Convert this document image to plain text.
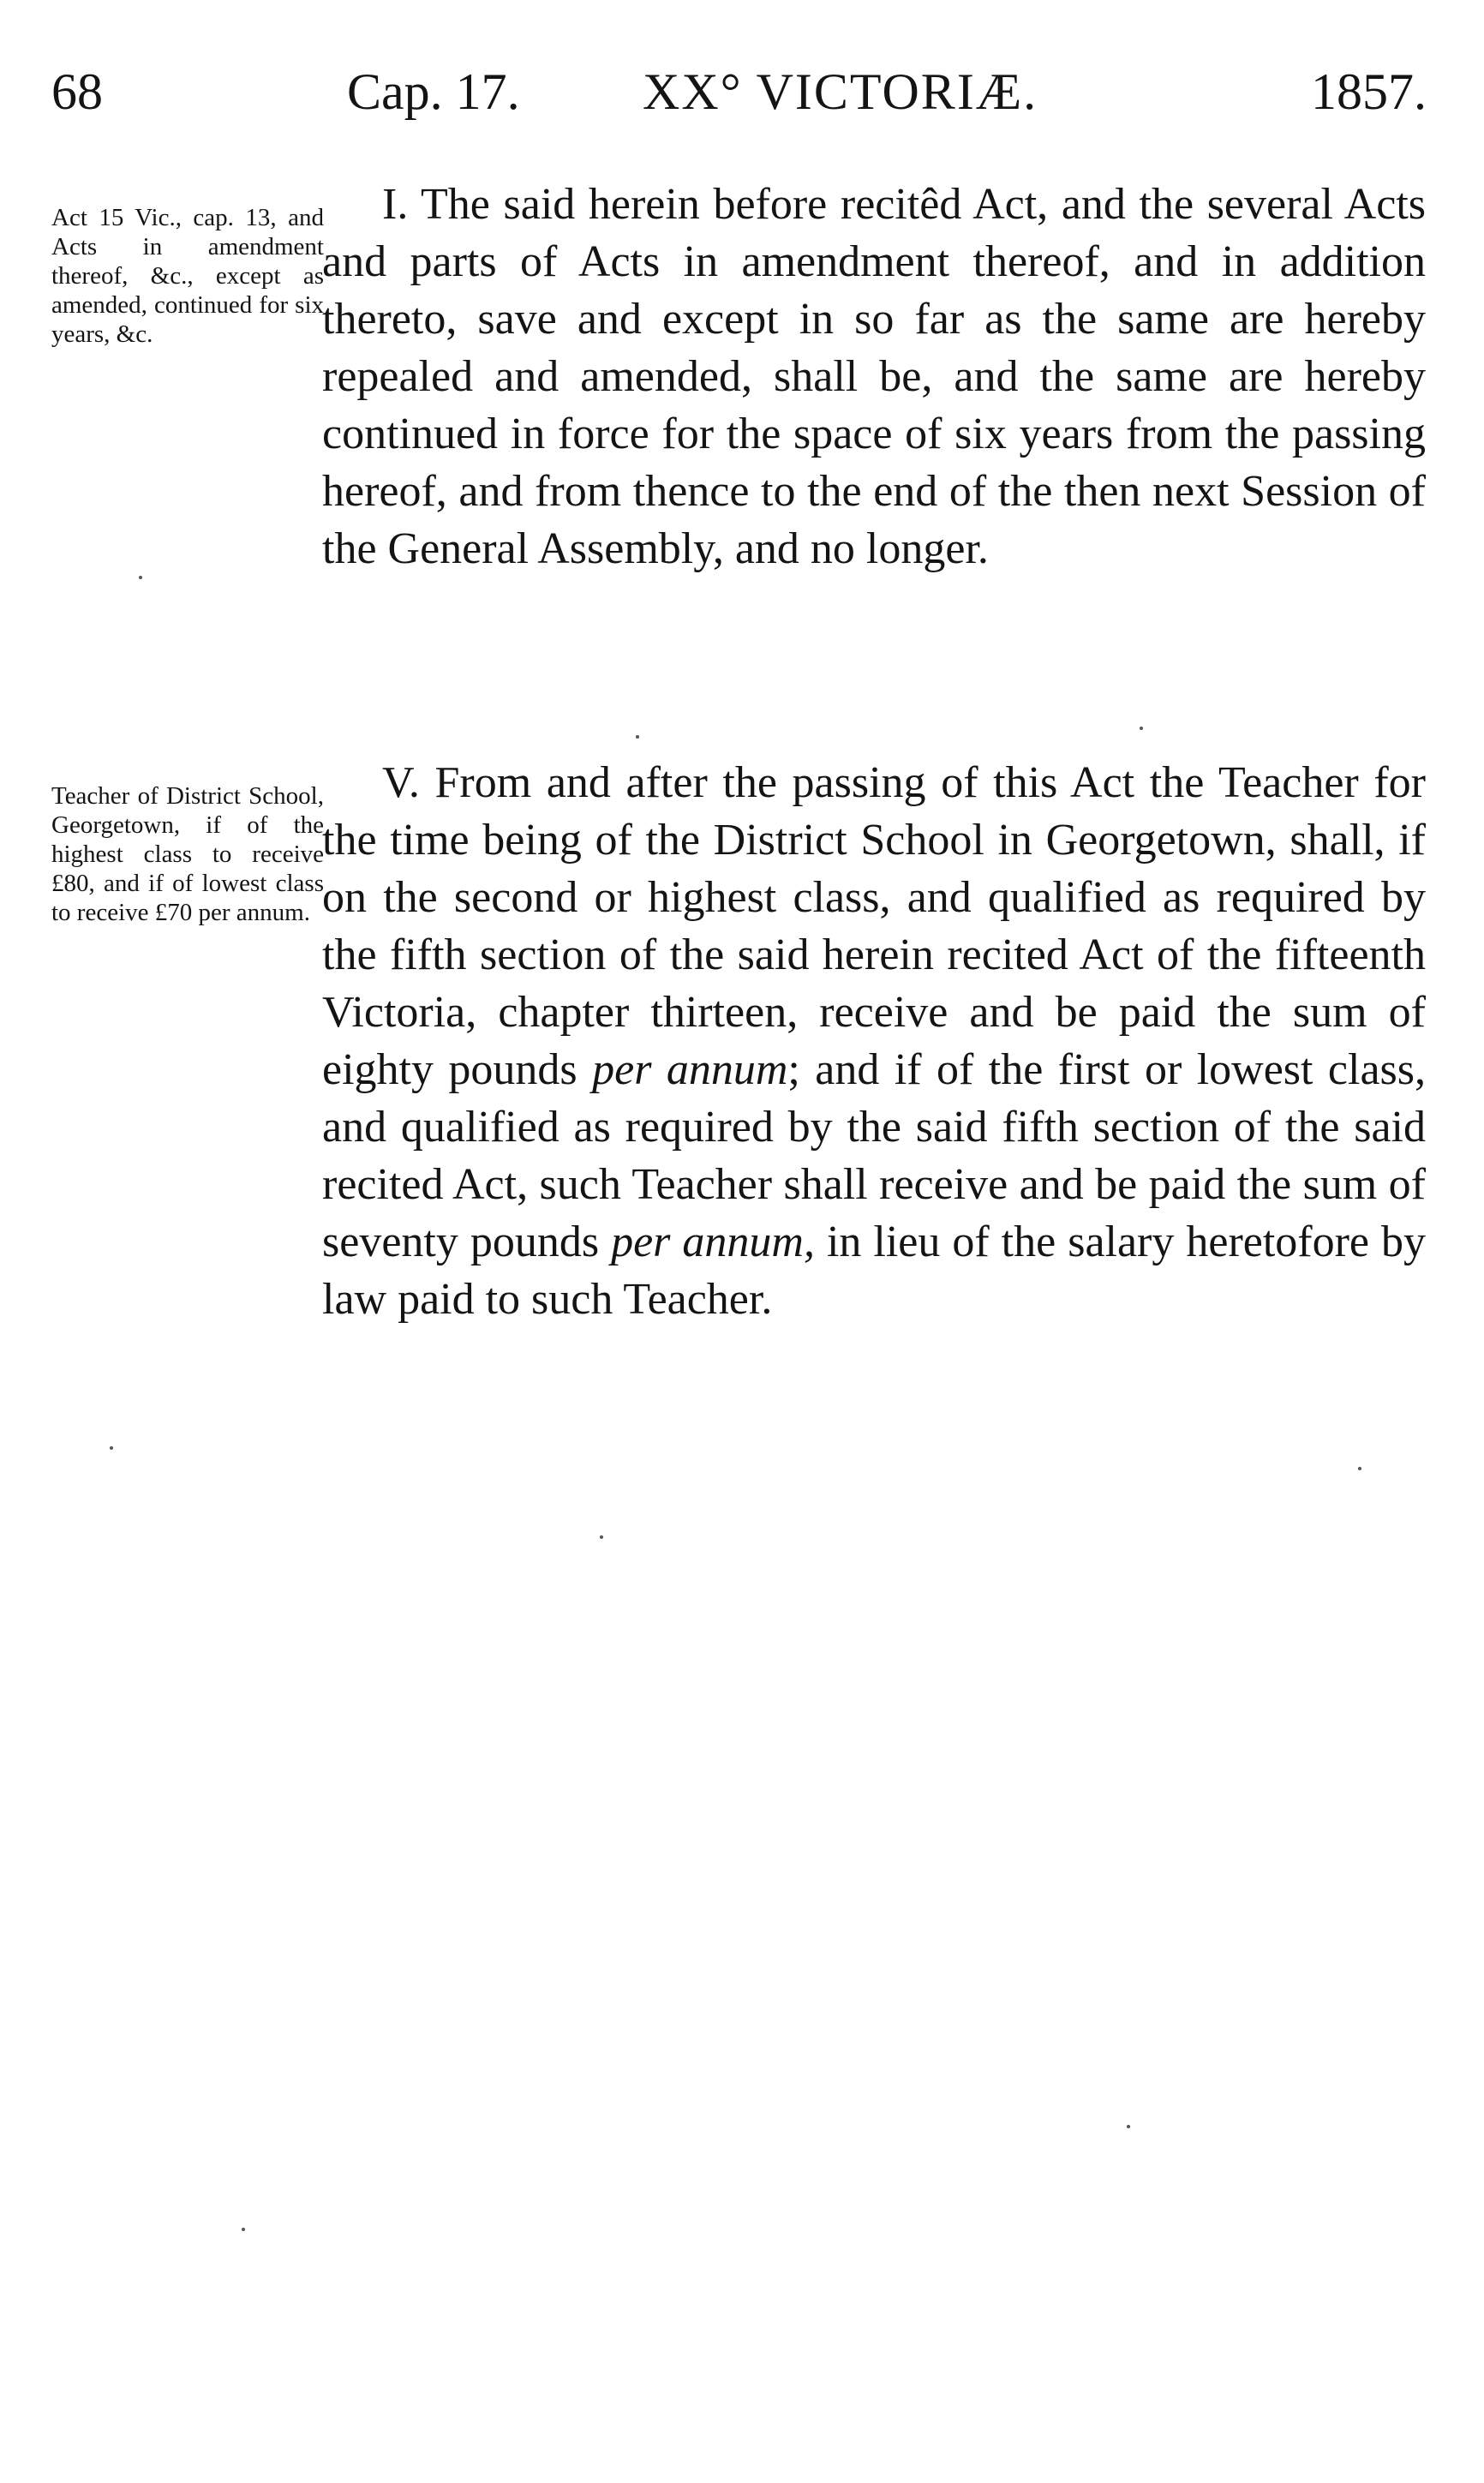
68	Cap. 17. XX° VICTORIÆ.	1857.
Act 15 Vic., cap. 13, and Acts in amendment thereof, &c., except as amended, continued for six years, &c.
I. The said herein before recitêd Act, and the several Acts and parts of Acts in amendment thereof, and in addition thereto, save and except in so far as the same are hereby repealed and amended, shall be, and the same are hereby continued in force for the space of six years from the passing hereof, and from thence to the end of the then next Session of the General Assembly, and no longer.
Teacher of District School, Georgetown, if of the highest class to receive £80, and if of lowest class to receive £70 per annum.
V. From and after the passing of this Act the Teacher for the time being of the District School in Georgetown, shall, if on the second or highest class, and qualified as required by the fifth section of the said herein recited Act of the fifteenth Victoria, chapter thirteen, receive and be paid the sum of eighty pounds per annum; and if of the first or lowest class, and qualified as required by the said fifth section of the said recited Act, such Teacher shall receive and be paid the sum of seventy pounds per annum, in lieu of the salary heretofore by law paid to such Teacher.
